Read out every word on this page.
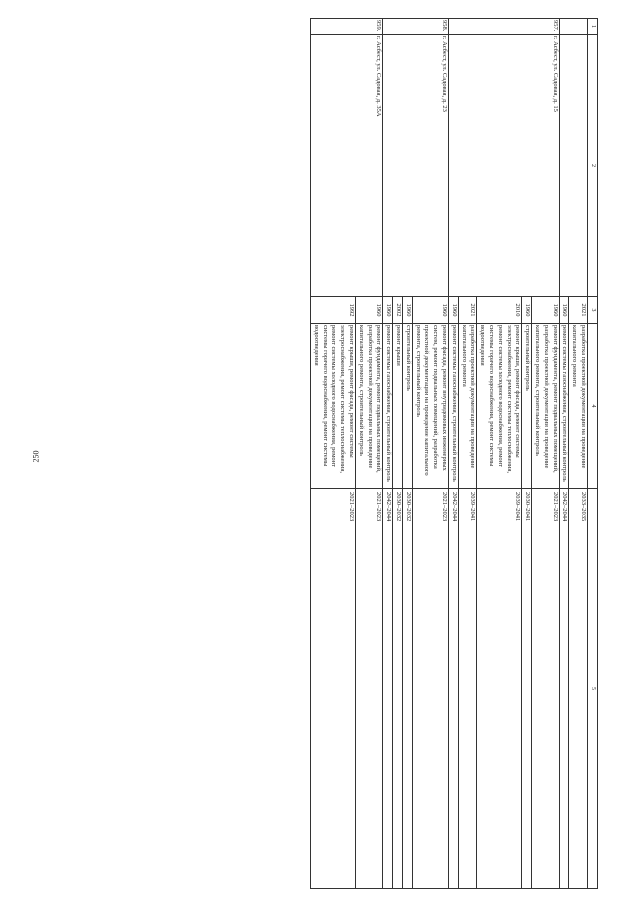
250
1	2	3	4	5
		2021	разработка проектной документации на проведение капитального ремонта	2033–2035
		1960	ремонт системы газоснабжения, строительный контроль	2042–2044
957.	г. Асбест, ул. Садовая, д. 15	1960	ремонт фундамента, ремонт подвальных помещений, разработка проектной документации на проведение капитального ремонта, строительный контроль	2021–2023
		1960	строительный контроль	2030–2041
		2010	ремонт крыши, ремонт фасада, ремонт системы электроснабжения, ремонт системы теплоснабжения, ремонт системы холодного водоснабжения, ремонт системы горячего водоснабжения, ремонт системы водоотведения	2039–2041
		2021	разработка проектной документации на проведение капитального ремонта	2039–2041
		1960	ремонт системы газоснабжения, строительный контроль	2042–2044
958.	г. Асбест, ул. Садовая, д. 23	1960	ремонт фасада, ремонт внутридомовых инженерных систем, ремонт подвальных помещений, разработка проектной документации на проведение капитального ремонта, строительный контроль	2021–2023
		1960	строительный контроль	2030–2032
		2002	ремонт крыши	2030–2032
		1960	ремонт системы газоснабжения, строительный контроль	2042–2044
959.	г. Асбест, ул. Садовая, д. 35А	1960	ремонт фундамента, ремонт подвальных помещений, разработка проектной документации на проведение капитального ремонта, строительный контроль	2021–2023
		1992	ремонт крыши, ремонт фасада, ремонт системы электроснабжения, ремонт системы теплоснабжения, ремонт системы холодного водоснабжения, ремонт системы горячего водоснабжения, ремонт системы водоотведения	2021–2023
